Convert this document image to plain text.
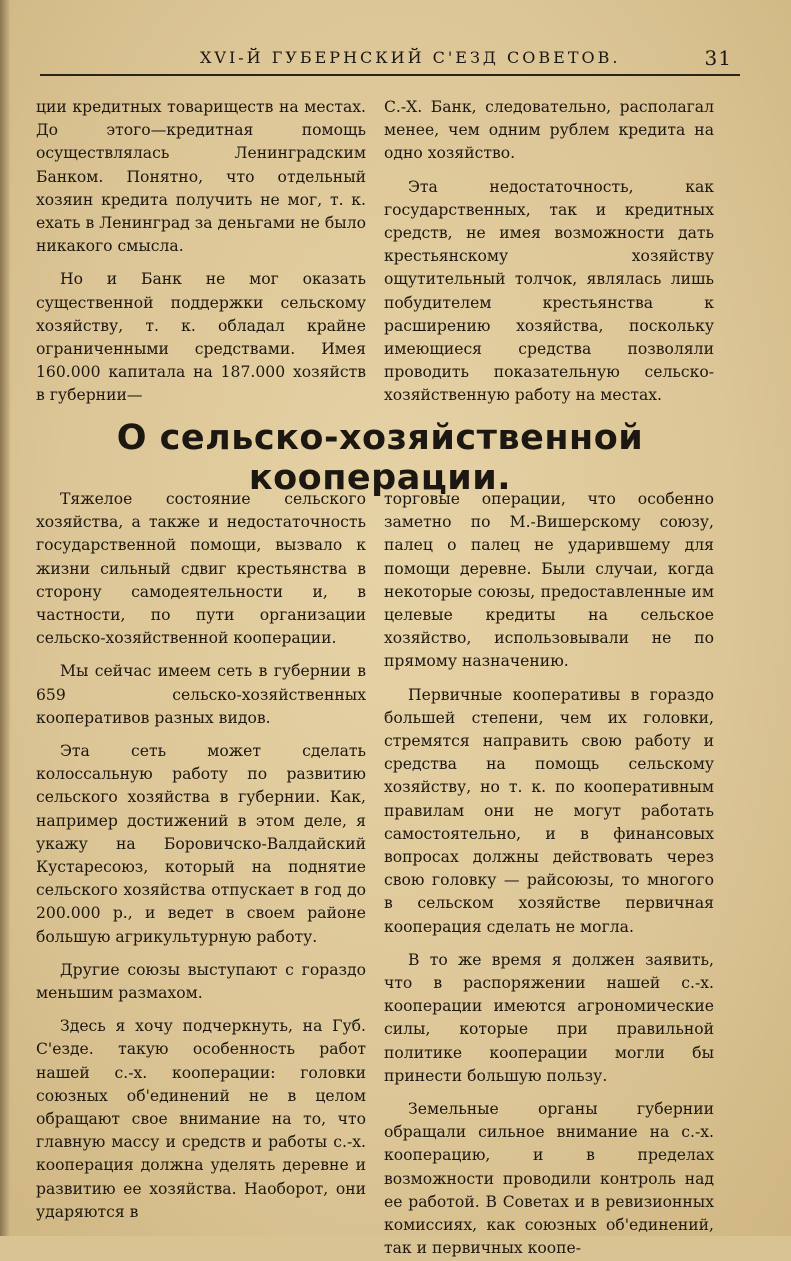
XVI-Й ГУБЕРНСКИЙ С'ЕЗД СОВЕТОВ.	31

ции кредитных товариществ на местах. До этого—кредитная помощь осуществлялась Ленинградским Банком. Понятно, что отдельный хозяин кредита получить не мог, т. к. ехать в Ленинград за деньгами не было никакого смысла.

Но и Банк не мог оказать существенной поддержки сельскому хозяйству, т. к. обладал крайне ограниченными средствами. Имея 160.000 капитала на 187.000 хозяйств в губернии—

С.-Х. Банк, следовательно, располагал менее, чем одним рублем кредита на одно хозяйство.

Эта недостаточность, как государственных, так и кредитных средств, не имея возможности дать крестьянскому хозяйству ощутительный толчок, являлась лишь побудителем крестьянства к расширению хозяйства, поскольку имеющиеся средства позволяли проводить показательную сельско-хозяйственную работу на местах.

О сельско-хозяйственной кооперации.

Тяжелое состояние сельского хозяйства, а также и недостаточность государственной помощи, вызвало к жизни сильный сдвиг крестьянства в сторону самодеятельности и, в частности, по пути организации сельско-хозяйственной кооперации.

Мы сейчас имеем сеть в губернии в 659 сельско-хозяйственных кооперативов разных видов.

Эта сеть может сделать колоссальную работу по развитию сельского хозяйства в губернии. Как, например достижений в этом деле, я укажу на Боровичско-Валдайский Кустаресоюз, который на поднятие сельского хозяйства отпускает в год до 200.000 р., и ведет в своем районе большую агрикультурную работу.

Другие союзы выступают с гораздо меньшим размахом.

Здесь я хочу подчеркнуть, на Губ. С'езде. такую особенность работ нашей с.-х. кооперации: головки союзных об'единений не в целом обращают свое внимание на то, что главную массу и средств и работы с.-х. кооперация должна уделять деревне и развитию ее хозяйства. Наоборот, они ударяются в

торговые операции, что особенно заметно по М.-Вишерскому союзу, палец о палец не ударившему для помощи деревне. Были случаи, когда некоторые союзы, предоставленные им целевые кредиты на сельское хозяйство, использовывали не по прямому назначению.

Первичные кооперативы в гораздо большей степени, чем их головки, стремятся направить свою работу и средства на помощь сельскому хозяйству, но т. к. по кооперативным правилам они не могут работать самостоятельно, и в финансовых вопросах должны действовать через свою головку — райсоюзы, то многого в сельском хозяйстве первичная кооперация сделать не могла.

В то же время я должен заявить, что в распоряжении нашей с.-х. кооперации имеются агрономические силы, которые при правильной политике кооперации могли бы принести большую пользу.

Земельные органы губернии обращали сильное внимание на с.-х. кооперацию, и в пределах возможности проводили контроль над ее работой. В Советах и в ревизионных комиссиях, как союзных об'единений, так и первичных коопе-
